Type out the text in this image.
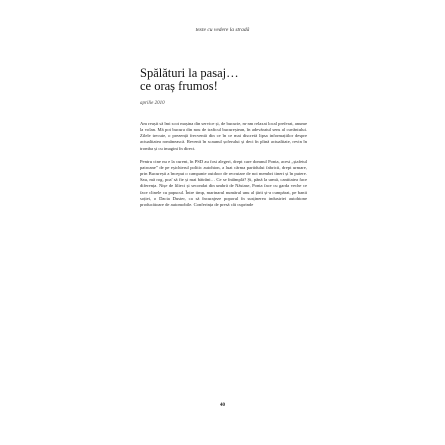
texte cu vedere la stradă
Spălături la pasaj…
ce oraș frumos!
aprilie 2010

Am reușit să îmi scot mașina din service și, de bucurie, m-am relaxat local preferat, anume la volan. Mă pot bucura din nou de traficul bucureștean, în adevăratul sens al cuvântului. Zilele trecute, o prezență frecventă din ce în ce mai discretă lipsa informațiilor despre actualitatea românească. Revenit în scaunul șoferului și deci în plină actualitate, revin în tromba și cu imagini în direct.

Pentru cine nu e la curent, în PSD au fost alegeri, drept care domnul Ponta, acest „ștafetul patroane” de pe eșichierul politic autohton, a luat cârma partidului fabricii, drept urmare, prin București a început o campanie outdoor de recrutare de noi membri tineri și în putere. Sau, mă rog, poa' să fie și mai bătrâni… Ce se întâmplă? Și, până la urmă, cantitatea face diferența. Nișe de lilieci și secondat din umbră de Năstase, Ponta face cu garda veche ce face clinele cu papucul. Între timp, marinarul numărul unu al țării și-a cumpărat, pe banii soției, o Dacia Duster, ca să încurajeze poporul în susținerea industriei autohtone producătoare de automobile. Conferința de presă cât cuprinde

40
